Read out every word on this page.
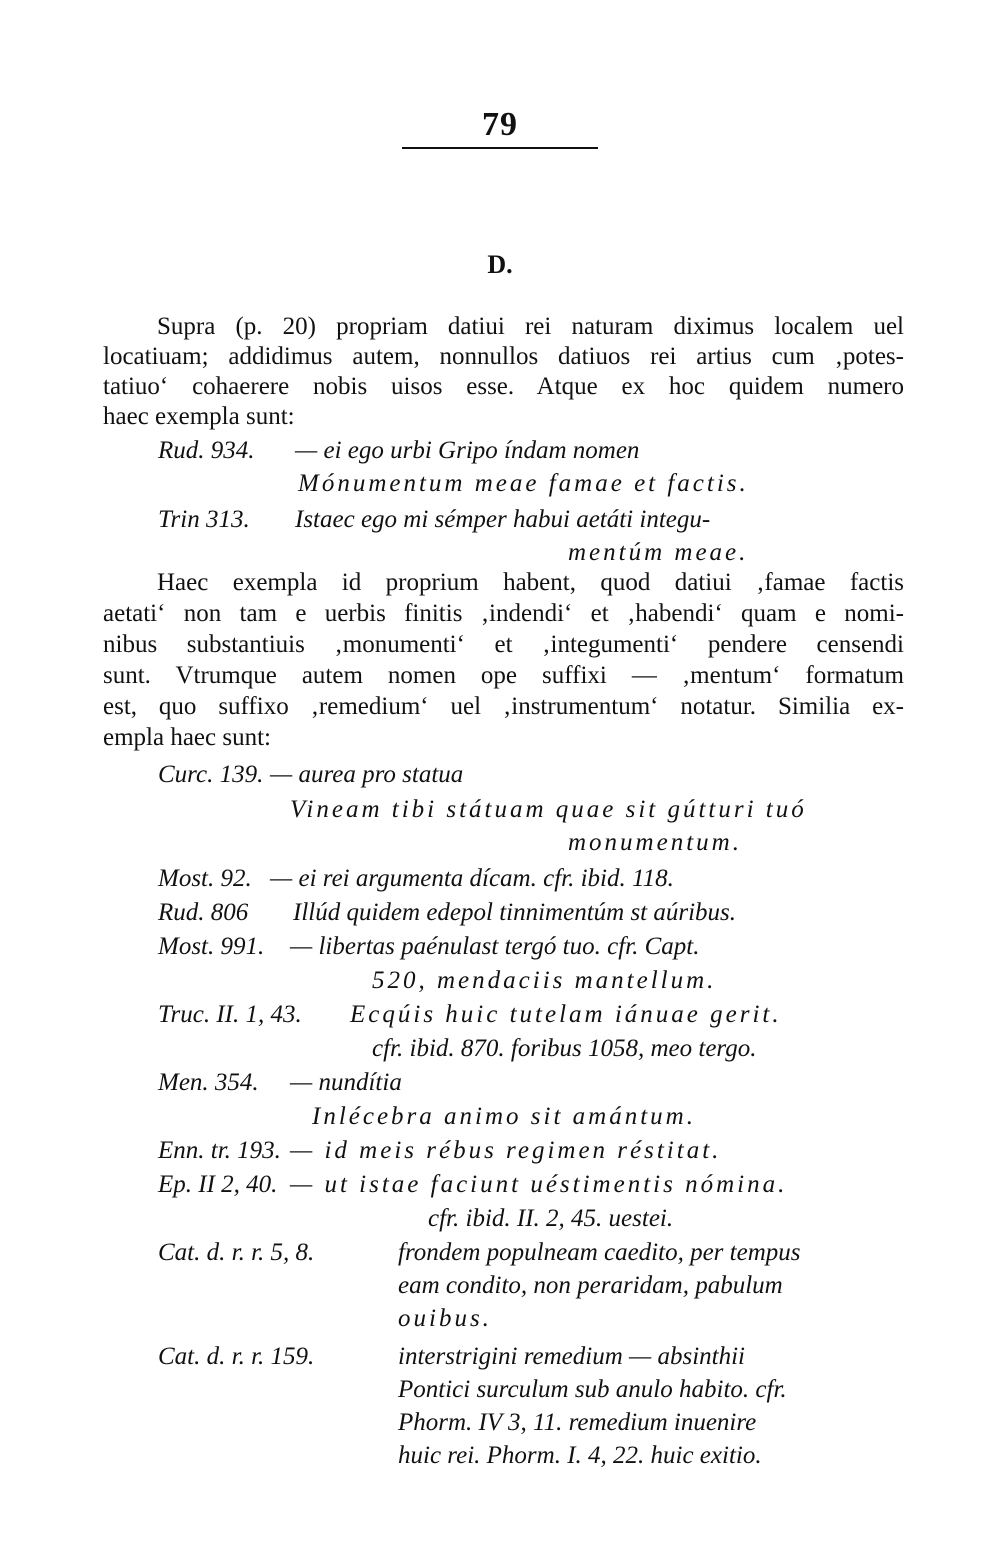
79
D.
Supra (p. 20) propriam datiui rei naturam diximus localem uel
locatiuam; addidimus autem, nonnullos datiuos rei artius cum ‚potes-
tatiuo‘ cohaerere nobis uisos esse. Atque ex hoc quidem numero
haec exempla sunt:
Rud. 934. — ei ego urbi Gripo índam nomen
Mónumentum meae famae et factis.
Trin 313. Istaec ego mi sémper habui aetáti integu-
mentúm meae.
Haec exempla id proprium habent, quod datiui ‚famae factis
aetati‘ non tam e uerbis finitis ‚indendi‘ et ‚habendi‘ quam e nomi-
nibus substantiuis ‚monumenti‘ et ‚integumenti‘ pendere censendi
sunt. Vtrumque autem nomen ope suffixi — ‚mentum‘ formatum
est, quo suffixo ‚remedium‘ uel ‚instrumentum‘ notatur. Similia ex-
empla haec sunt:
Curc. 139. — aurea pro statua
Vineam tibi státuam quae sit gútturi tuó
monumentum.
Most. 92. — ei rei argumenta dícam. cfr. ibid. 118.
Rud. 806 Illúd quidem edepol tinnimentúm st aúribus.
Most. 991. — libertas paénulast tergó tuo. cfr. Capt.
520, mendaciis mantellum.
Truc. II. 1, 43. Ecqúis huic tutelam iánuae gerit.
cfr. ibid. 870. foribus 1058, meo tergo.
Men. 354. — nundítia
Inlécebra animo sit amántum.
Enn. tr. 193. — id meis rébus regimen réstitat.
Ep. II 2, 40. — ut istae faciunt uéstimentis nómina.
cfr. ibid. II. 2, 45. uestei.
Cat. d. r. r. 5, 8.	frondem populneam caedito, per tempus
eam condito, non peraridam, pabulum
ouibus.
Cat. d. r. r. 159.	interstrigini remedium — absinthii
Pontici surculum sub anulo habito. cfr.
Phorm. IV 3, 11. remedium inuenire
huic rei. Phorm. I. 4, 22. huic exitio.
